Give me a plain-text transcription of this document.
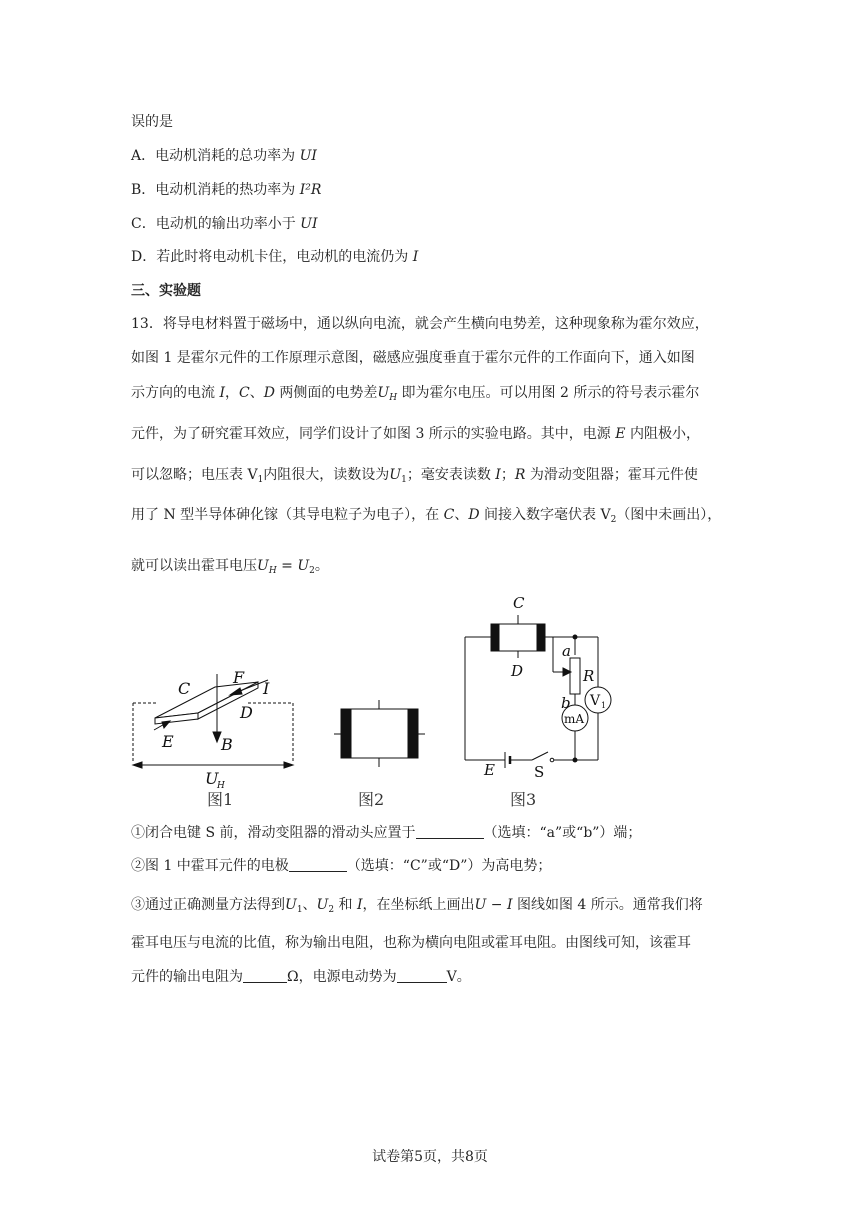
误的是
A．电动机消耗的总功率为 UI
B．电动机消耗的热功率为 I²R
C．电动机的输出功率小于 UI
D．若此时将电动机卡住，电动机的电流仍为 I
三、实验题
13．将导电材料置于磁场中，通以纵向电流，就会产生横向电势差，这种现象称为霍尔效应，
如图 1 是霍尔元件的工作原理示意图，磁感应强度垂直于霍尔元件的工作面向下，通入如图
示方向的电流 I，C、D 两侧面的电势差$U_H$ 即为霍尔电压。可以用图 2 所示的符号表示霍尔
元件，为了研究霍耳效应，同学们设计了如图 3 所示的实验电路。其中，电源 E 内阻极小，
可以忽略；电压表 $V_1$内阻很大，读数设为$U_1$；毫安表读数 I；R 为滑动变阻器；霍耳元件使
用了 N 型半导体砷化镓（其导电粒子为电子），在 C、D 间接入数字毫伏表 $V_2$（图中未画出），
就可以读出霍耳电压$U_H = U_2$。
C
F
I
D
E	B
U
H
图1	图2
C
D
a
R
b
E
V 1
mA
S
图3
①闭合电键 S 前，滑动变阻器的滑动头应置于	（选填：“a”或“b”）端；
②图 1 中霍耳元件的电极	（选填：“C”或“D”）为高电势；
③通过正确测量方法得到$U_1$、$U_2$ 和 I，在坐标纸上画出U − I 图线如图 4 所示。通常我们将
霍耳电压与电流的比值，称为输出电阻，也称为横向电阻或霍耳电阻。由图线可知，该霍耳
元件的输出电阻为	Ω，电源电动势为	V。
试卷第5页，共8页
